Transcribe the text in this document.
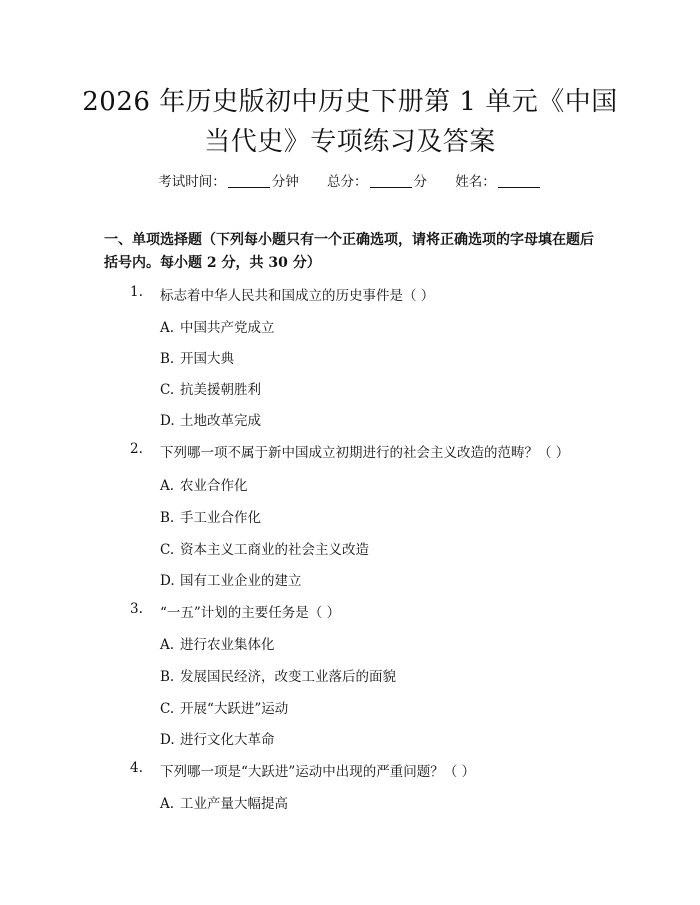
2026 年历史版初中历史下册第 1 单元《中国
当代史》专项练习及答案
考试时间：	分钟 总分：	分 姓名：

一、单项选择题（下列每小题只有一个正确选项，请将正确选项的字母填在题后括号内。每小题 2 分，共 30 分）

1.	标志着中华人民共和国成立的历史事件是（ ）
A. 中国共产党成立
B. 开国大典
C. 抗美援朝胜利
D. 土地改革完成
2.	下列哪一项不属于新中国成立初期进行的社会主义改造的范畴？（ ）
A. 农业合作化
B. 手工业合作化
C. 资本主义工商业的社会主义改造
D. 国有工业企业的建立
3.	“一五”计划的主要任务是（ ）
A. 进行农业集体化
B. 发展国民经济，改变工业落后的面貌
C. 开展“大跃进”运动
D. 进行文化大革命
4.	下列哪一项是“大跃进”运动中出现的严重问题？（ ）
A. 工业产量大幅提高
